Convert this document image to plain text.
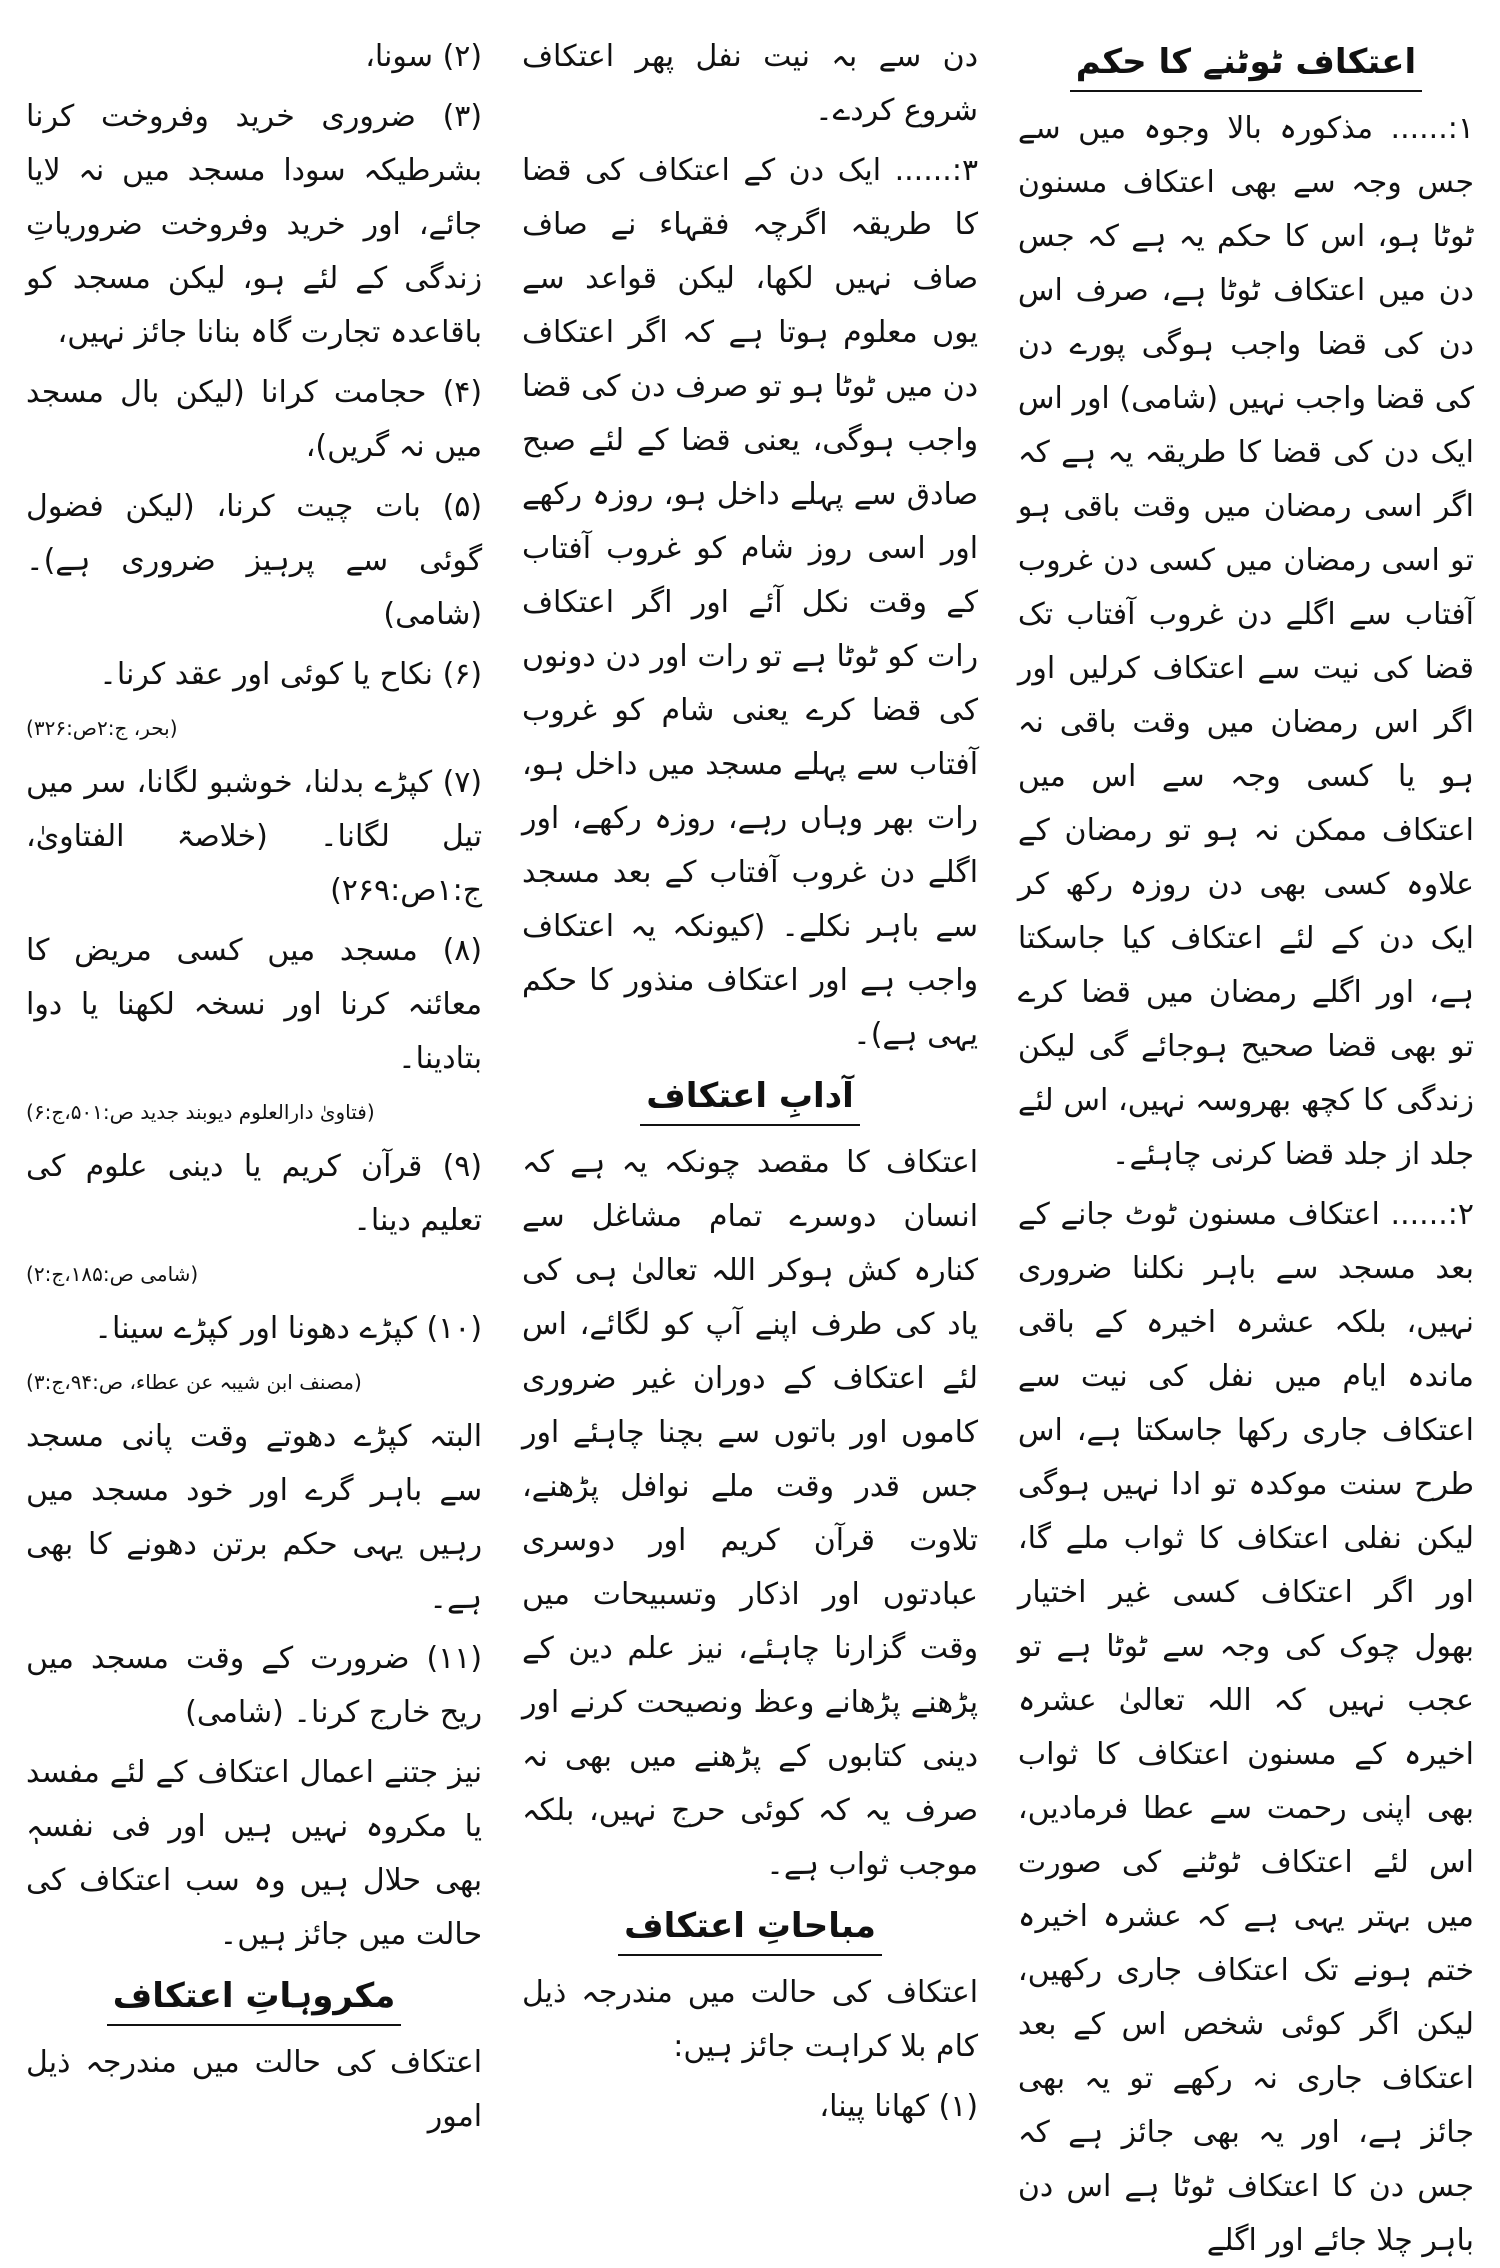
اعتکاف ٹوٹنے کا حکم

۱:...... مذکورہ بالا وجوہ میں سے جس وجہ سے بھی اعتکاف مسنون ٹوٹا ہو، اس کا حکم یہ ہے کہ جس دن میں اعتکاف ٹوٹا ہے، صرف اس دن کی قضا واجب ہوگی پورے دن کی قضا واجب نہیں (شامی) اور اس ایک دن کی قضا کا طریقہ یہ ہے کہ اگر اسی رمضان میں وقت باقی ہو تو اسی رمضان میں کسی دن غروب آفتاب سے اگلے دن غروب آفتاب تک قضا کی نیت سے اعتکاف کرلیں اور اگر اس رمضان میں وقت باقی نہ ہو یا کسی وجہ سے اس میں اعتکاف ممکن نہ ہو تو رمضان کے علاوہ کسی بھی دن روزہ رکھ کر ایک دن کے لئے اعتکاف کیا جاسکتا ہے، اور اگلے رمضان میں قضا کرے تو بھی قضا صحیح ہوجائے گی لیکن زندگی کا کچھ بھروسہ نہیں، اس لئے جلد از جلد قضا کرنی چاہئے۔

۲:...... اعتکاف مسنون ٹوٹ جانے کے بعد مسجد سے باہر نکلنا ضروری نہیں، بلکہ عشرہ اخیرہ کے باقی ماندہ ایام میں نفل کی نیت سے اعتکاف جاری رکھا جاسکتا ہے، اس طرح سنت موکدہ تو ادا نہیں ہوگی لیکن نفلی اعتکاف کا ثواب ملے گا، اور اگر اعتکاف کسی غیر اختیار بھول چوک کی وجہ سے ٹوٹا ہے تو عجب نہیں کہ اللہ تعالیٰ عشرہ اخیرہ کے مسنون اعتکاف کا ثواب بھی اپنی رحمت سے عطا فرمادیں، اس لئے اعتکاف ٹوٹنے کی صورت میں بہتر یہی ہے کہ عشرہ اخیرہ ختم ہونے تک اعتکاف جاری رکھیں، لیکن اگر کوئی شخص اس کے بعد اعتکاف جاری نہ رکھے تو یہ بھی جائز ہے، اور یہ بھی جائز ہے کہ جس دن کا اعتکاف ٹوٹا ہے اس دن باہر چلا جائے اور اگلے

دن سے بہ نیت نفل پھر اعتکاف شروع کردے۔

۳:...... ایک دن کے اعتکاف کی قضا کا طریقہ اگرچہ فقہاء نے صاف صاف نہیں لکھا، لیکن قواعد سے یوں معلوم ہوتا ہے کہ اگر اعتکاف دن میں ٹوٹا ہو تو صرف دن کی قضا واجب ہوگی، یعنی قضا کے لئے صبح صادق سے پہلے داخل ہو، روزہ رکھے اور اسی روز شام کو غروب آفتاب کے وقت نکل آئے اور اگر اعتکاف رات کو ٹوٹا ہے تو رات اور دن دونوں کی قضا کرے یعنی شام کو غروب آفتاب سے پہلے مسجد میں داخل ہو، رات بھر وہاں رہے، روزہ رکھے، اور اگلے دن غروب آفتاب کے بعد مسجد سے باہر نکلے۔ (کیونکہ یہ اعتکاف واجب ہے اور اعتکاف منذور کا حکم یہی ہے)۔

آدابِ اعتکاف

اعتکاف کا مقصد چونکہ یہ ہے کہ انسان دوسرے تمام مشاغل سے کنارہ کش ہوکر اللہ تعالیٰ ہی کی یاد کی طرف اپنے آپ کو لگائے، اس لئے اعتکاف کے دوران غیر ضروری کاموں اور باتوں سے بچنا چاہئے اور جس قدر وقت ملے نوافل پڑھنے، تلاوت قرآن کریم اور دوسری عبادتوں اور اذکار وتسبیحات میں وقت گزارنا چاہئے، نیز علم دین کے پڑھنے پڑھانے وعظ ونصیحت کرنے اور دینی کتابوں کے پڑھنے میں بھی نہ صرف یہ کہ کوئی حرج نہیں، بلکہ موجب ثواب ہے۔

مباحاتِ اعتکاف

اعتکاف کی حالت میں مندرجہ ذیل کام بلا کراہت جائز ہیں:

(۱) کھانا پینا،

(۲) سونا،

(۳) ضروری خرید وفروخت کرنا بشرطیکہ سودا مسجد میں نہ لایا جائے، اور خرید وفروخت ضروریاتِ زندگی کے لئے ہو، لیکن مسجد کو باقاعدہ تجارت گاہ بنانا جائز نہیں،

(۴) حجامت کرانا (لیکن بال مسجد میں نہ گریں)،

(۵) بات چیت کرنا، (لیکن فضول گوئی سے پرہیز ضروری ہے)۔ (شامی)

(۶) نکاح یا کوئی اور عقد کرنا۔

(بحر، ج:۲ص:۳۲۶)

(۷) کپڑے بدلنا، خوشبو لگانا، سر میں تیل لگانا۔ (خلاصۃ الفتاویٰ، ج:۱ص:۲۶۹)

(۸) مسجد میں کسی مریض کا معائنہ کرنا اور نسخہ لکھنا یا دوا بتادینا۔

(فتاویٰ دارالعلوم دیوبند جدید ص:۵۰۱،ج:۶)

(۹) قرآن کریم یا دینی علوم کی تعلیم دینا۔

(شامی ص:۱۸۵،ج:۲)

(۱۰) کپڑے دھونا اور کپڑے سینا۔

(مصنف ابن شیبہ عن عطاء، ص:۹۴،ج:۳)

البتہ کپڑے دھوتے وقت پانی مسجد سے باہر گرے اور خود مسجد میں رہیں یہی حکم برتن دھونے کا بھی ہے۔

(۱۱) ضرورت کے وقت مسجد میں ریح خارج کرنا۔ (شامی)

نیز جتنے اعمال اعتکاف کے لئے مفسد یا مکروہ نہیں ہیں اور فی نفسہٖ بھی حلال ہیں وہ سب اعتکاف کی حالت میں جائز ہیں۔

مکروہاتِ اعتکاف

اعتکاف کی حالت میں مندرجہ ذیل امور
